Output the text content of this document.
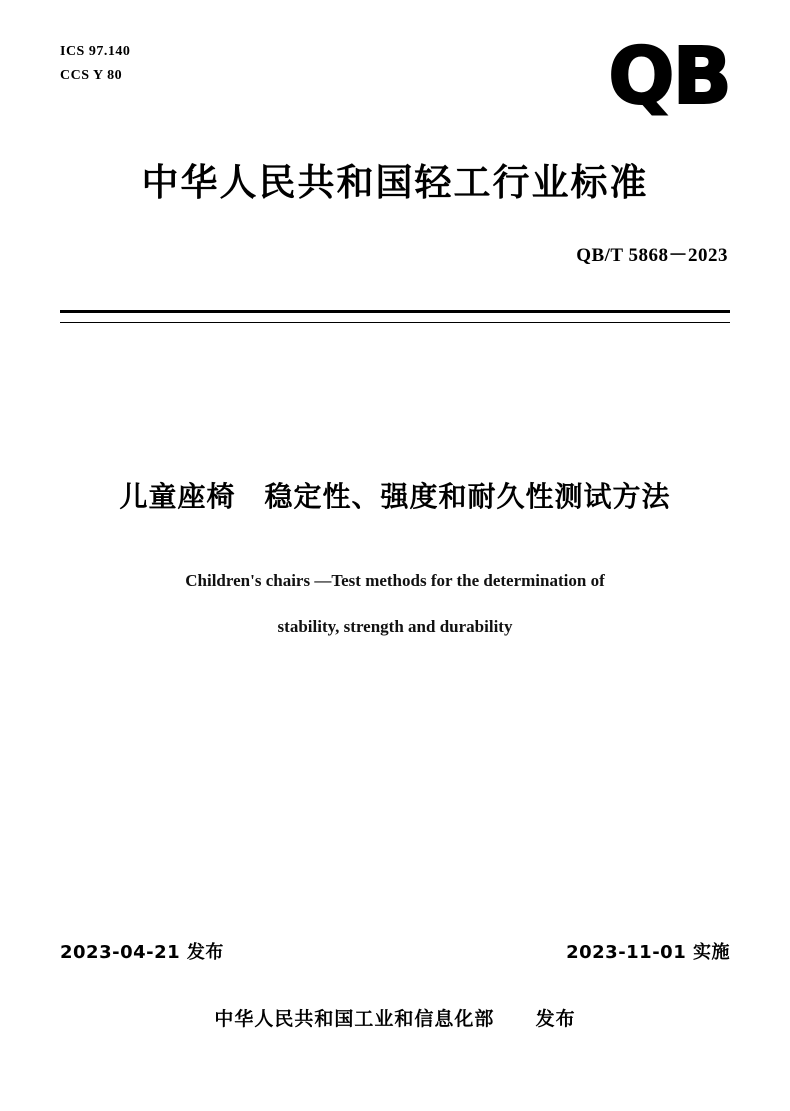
ICS 97.140
CCS Y 80	QB
中华人民共和国轻工行业标准
QB/T 5868－2023
儿童座椅　稳定性、强度和耐久性测试方法
Children's chairs —Test methods for the determination of
stability, strength and durability
2023-04-21 发布	2023-11-01 实施
中华人民共和国工业和信息化部 发布
